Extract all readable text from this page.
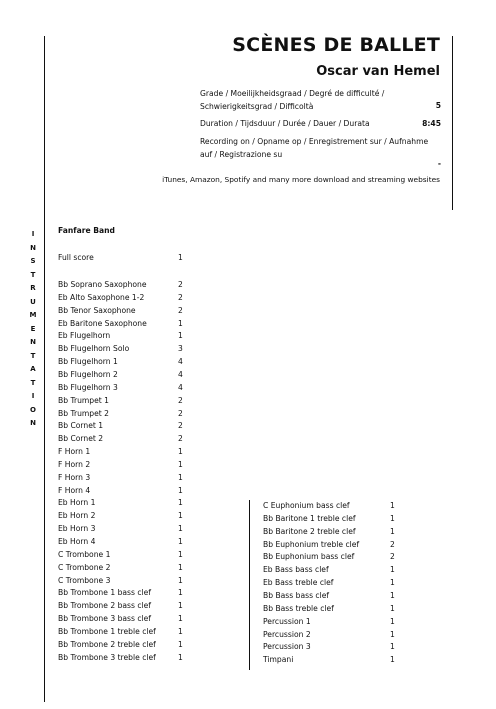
I
N
S
T
R
U
M
E
N
T
A
T
I
O
N
SCÈNES DE BALLET
Oscar van Hemel
Grade / Moeilijkheidsgraad / Degré de difficulté / Schwierigkeitsgrad / Difficoltà	5
Duration / Tijdsduur / Durée / Dauer / Durata	8:45
Recording on / Opname op / Enregistrement sur / Aufnahme auf / Registrazione su
-
iTunes, Amazon, Spotify and many more download and streaming websites
Fanfare Band
Full score	1
Bb Soprano Saxophone	2
Eb Alto Saxophone 1-2	2
Bb Tenor Saxophone	2
Eb Baritone Saxophone	1
Eb Flugelhorn	1
Bb Flugelhorn Solo	3
Bb Flugelhorn 1	4
Bb Flugelhorn 2	4
Bb Flugelhorn 3	4
Bb Trumpet 1	2
Bb Trumpet 2	2
Bb Cornet 1	2
Bb Cornet 2	2
F Horn 1	1
F Horn 2	1
F Horn 3	1
F Horn 4	1
Eb Horn 1	1
Eb Horn 2	1
Eb Horn 3	1
Eb Horn 4	1
C Trombone 1	1
C Trombone 2	1
C Trombone 3	1
Bb Trombone 1 bass clef	1
Bb Trombone 2 bass clef	1
Bb Trombone 3 bass clef	1
Bb Trombone 1 treble clef	1
Bb Trombone 2 treble clef	1
Bb Trombone 3 treble clef	1
C Euphonium bass clef	1
Bb Baritone 1 treble clef	1
Bb Baritone 2 treble clef	1
Bb Euphonium treble clef	2
Bb Euphonium bass clef	2
Eb Bass bass clef	1
Eb Bass treble clef	1
Bb Bass bass clef	1
Bb Bass treble clef	1
Percussion 1	1
Percussion 2	1
Percussion 3	1
Timpani	1
